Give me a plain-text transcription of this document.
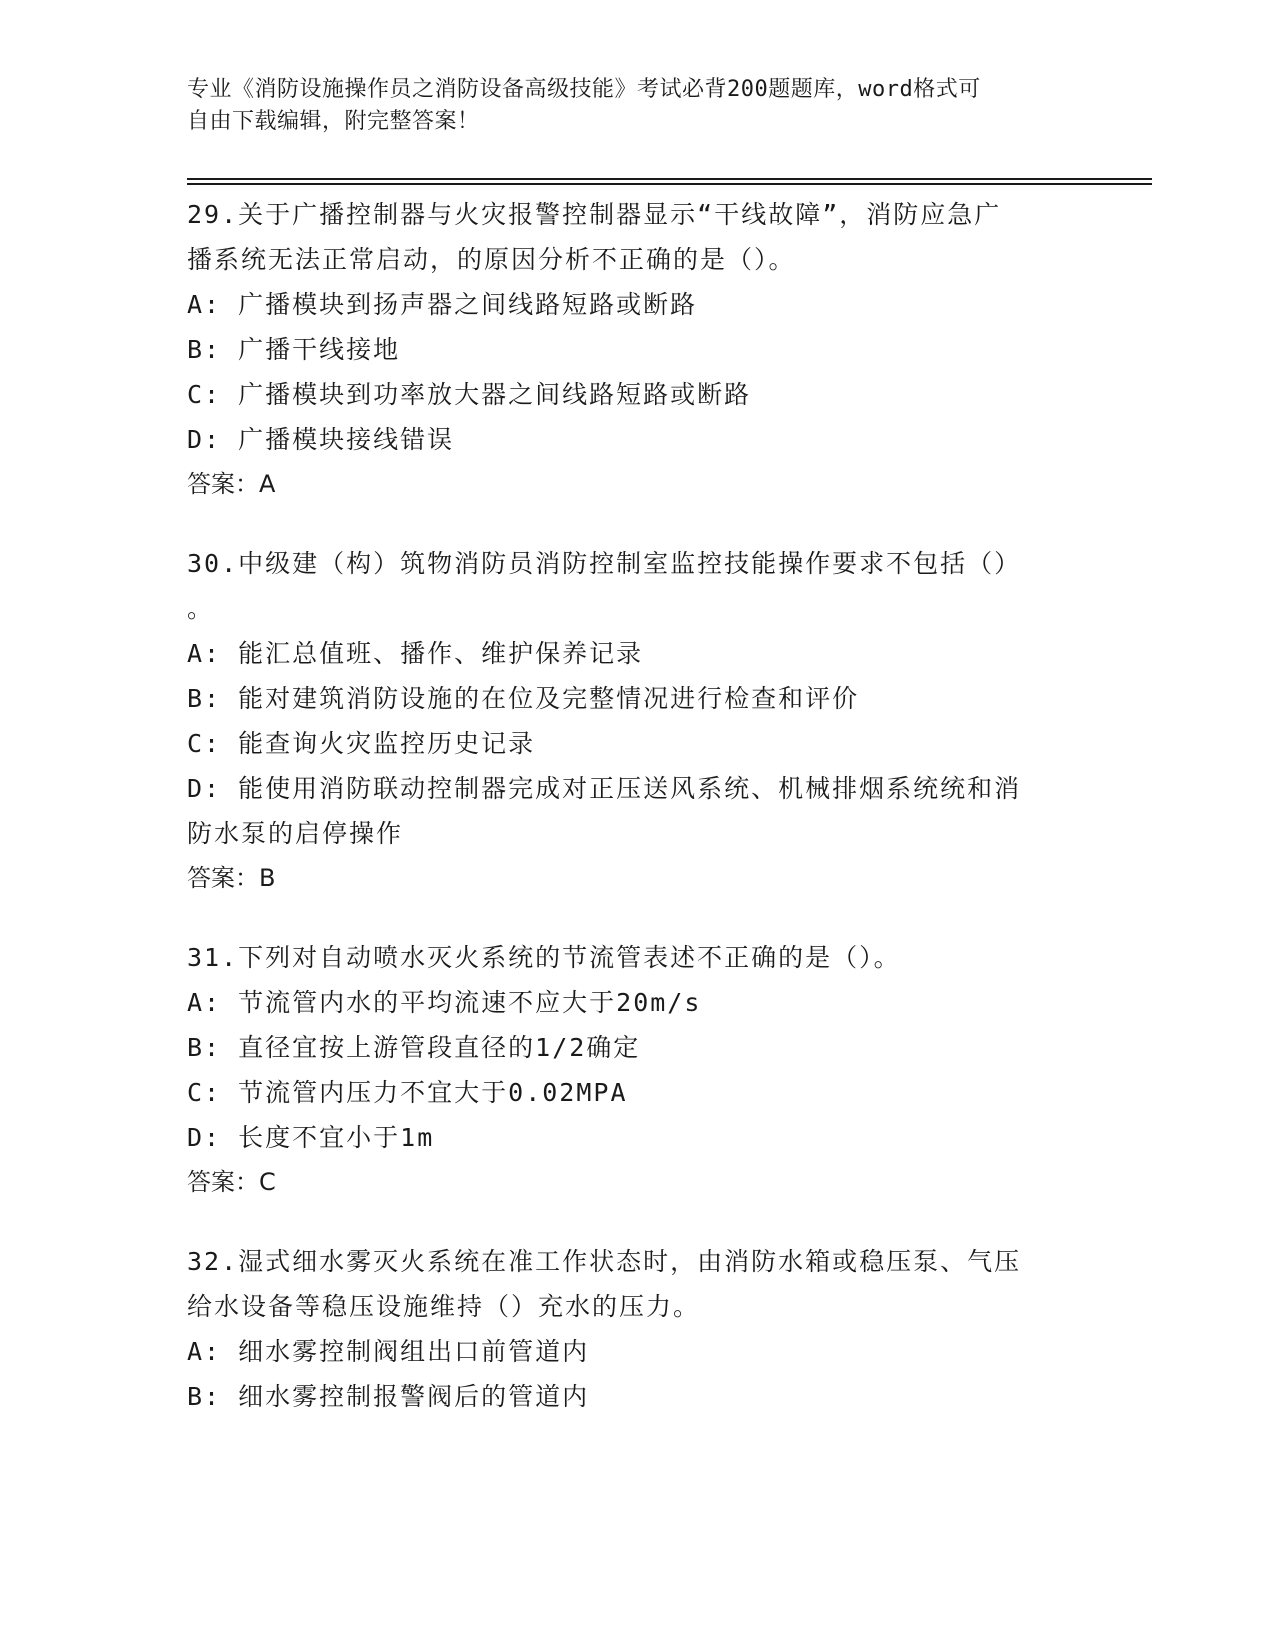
专业《消防设施操作员之消防设备高级技能》考试必背200题题库，word格式可
自由下载编辑，附完整答案！
29.关于广播控制器与火灾报警控制器显示“干线故障”，消防应急广
播系统无法正常启动，的原因分析不正确的是（）。
A: 广播模块到扬声器之间线路短路或断路
B: 广播干线接地
C: 广播模块到功率放大器之间线路短路或断路
D: 广播模块接线错误
答案：A
30.中级建（构）筑物消防员消防控制室监控技能操作要求不包括（）
。
A: 能汇总值班、播作、维护保养记录
B: 能对建筑消防设施的在位及完整情况进行检查和评价
C: 能查询火灾监控历史记录
D: 能使用消防联动控制器完成对正压送风系统、机械排烟系统统和消
防水泵的启停操作
答案：B
31.下列对自动喷水灭火系统的节流管表述不正确的是（）。
A: 节流管内水的平均流速不应大于20m/s
B: 直径宜按上游管段直径的1/2确定
C: 节流管内压力不宜大于0.02MPA
D: 长度不宜小于1m
答案：C
32.湿式细水雾灭火系统在准工作状态时，由消防水箱或稳压泵、气压
给水设备等稳压设施维持（）充水的压力。
A: 细水雾控制阀组出口前管道内
B: 细水雾控制报警阀后的管道内
